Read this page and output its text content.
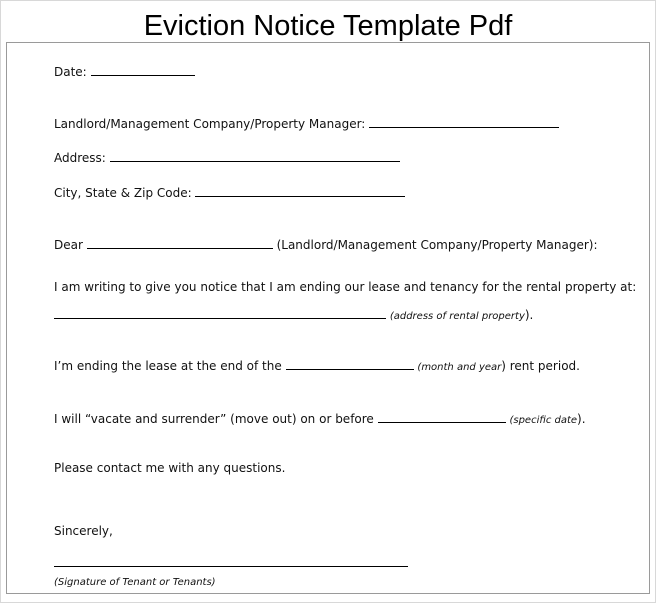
Eviction Notice Template Pdf
Date:
Landlord/Management Company/Property Manager:
Address:
City, State & Zip Code:
Dear	(Landlord/Management Company/Property Manager):
I am writing to give you notice that I am ending our lease and tenancy for the rental property at:
(address of rental property).
I’m ending the lease at the end of the	(month and year) rent period.
I will “vacate and surrender” (move out) on or before	(specific date).
Please contact me with any questions.
Sincerely,
(Signature of Tenant or Tenants)
